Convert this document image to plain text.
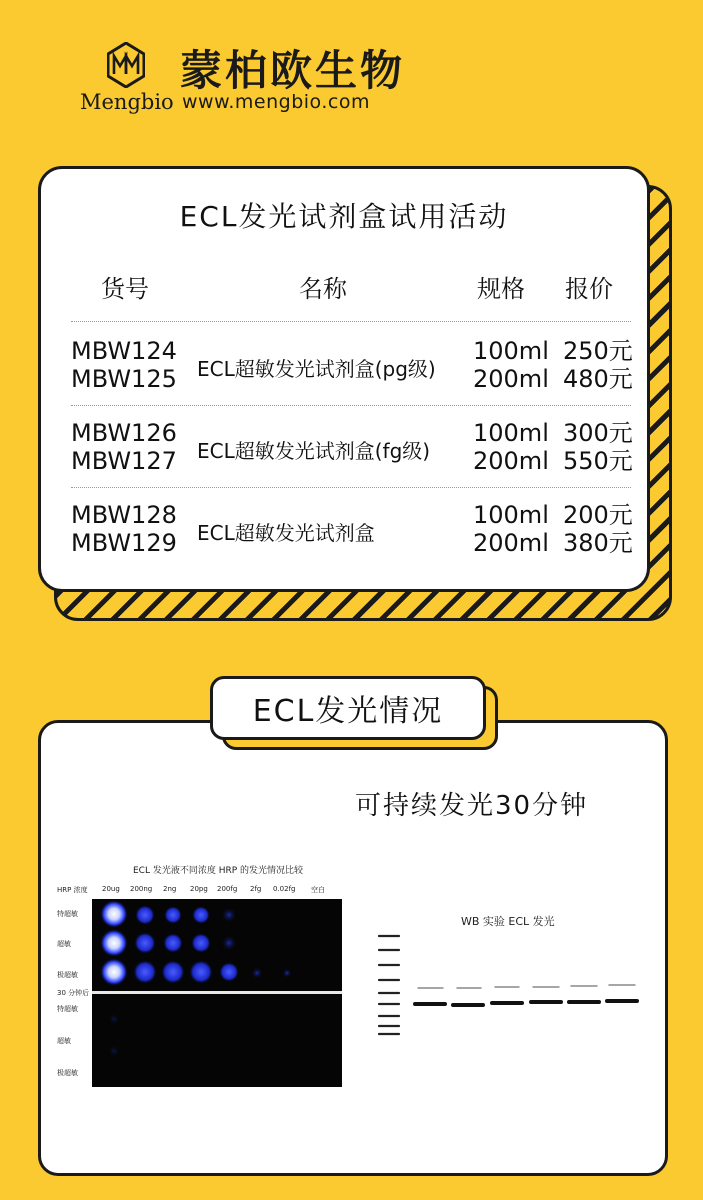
蒙柏欧生物
Mengbio www.mengbio.com
ECL发光试剂盒试用活动
货号	名称	规格 报价
MBW124
MBW125 ECL超敏发光试剂盒(pg级)
100ml
200ml
250元
480元
MBW126
MBW127 ECL超敏发光试剂盒(fg级)
100ml
200ml
300元
550元
MBW128
MBW129 ECL超敏发光试剂盒
100ml
200ml
200元
380元
可持续发光30分钟
ECL 发光液不同浓度 HRP 的发光情况比较
HRP 浓度 20ug 200ng 2ng 20pg 200fg 2fg 0.02fg 空白
特超敏
超敏
极超敏
30 分钟后
特超敏
超敏
极超敏
WB 实验 ECL 发光
ECL发光情况
